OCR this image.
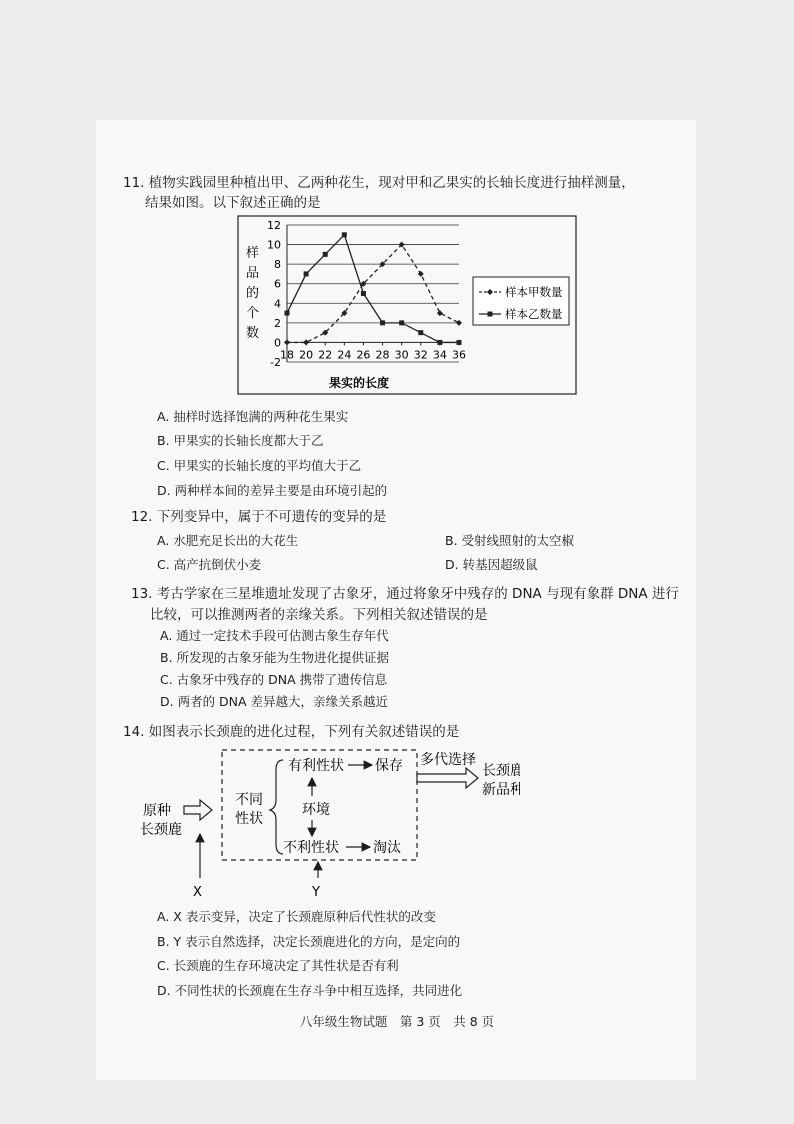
11. 植物实践园里种植出甲、乙两种花生，现对甲和乙果实的长轴长度进行抽样测量，
结果如图。以下叙述正确的是
样
品
的
个
数
-2
0
2
4
6
8
10
12
18 20 22 24 26 28 30 32 34 36
样本甲数量
样本乙数量
果实的长度
A. 抽样时选择饱满的两种花生果实
B. 甲果实的长轴长度都大于乙
C. 甲果实的长轴长度的平均值大于乙
D. 两种样本间的差异主要是由环境引起的
12. 下列变异中，属于不可遗传的变异的是
A. 水肥充足长出的大花生	B. 受射线照射的太空椒
C. 高产抗倒伏小麦	D. 转基因超级鼠
13. 考古学家在三星堆遗址发现了古象牙，通过将象牙中残存的 DNA 与现有象群 DNA 进行
比较，可以推测两者的亲缘关系。下列相关叙述错误的是
A. 通过一定技术手段可估测古象生存年代
B. 所发现的古象牙能为生物进化提供证据
C. 古象牙中残存的 DNA 携带了遗传信息
D. 两者的 DNA 差异越大，亲缘关系越近
14. 如图表示长颈鹿的进化过程，下列有关叙述错误的是
原种
长颈鹿
不同
性状
有利性状 保存
环境
不利性状 淘汰
多代选择
长颈鹿
新品种
X	Y
A. X 表示变异，决定了长颈鹿原种后代性状的改变
B. Y 表示自然选择，决定长颈鹿进化的方向，是定向的
C. 长颈鹿的生存环境决定了其性状是否有利
D. 不同性状的长颈鹿在生存斗争中相互选择，共同进化
八年级生物试题　第 3 页　共 8 页
